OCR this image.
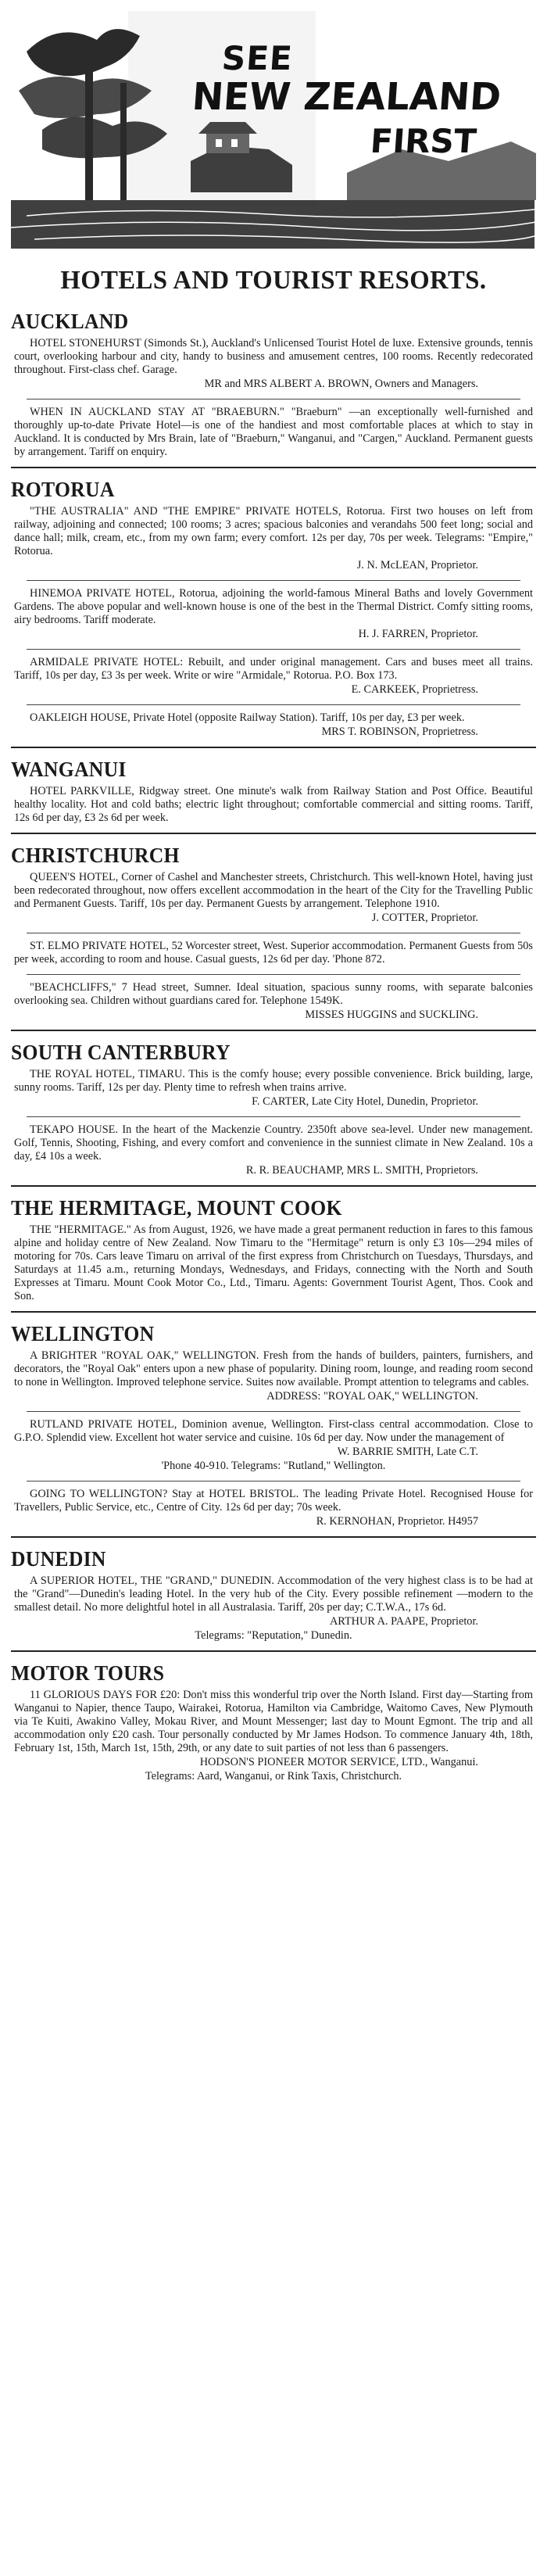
SEE
NEW ZEALAND
FIRST
HOTELS AND TOURIST RESORTS.
AUCKLAND

HOTEL STONEHURST (Simonds St.), Auckland's Unlicensed Tourist Hotel de luxe. Extensive grounds, tennis court, overlooking harbour and city, handy to business and amusement centres, 100 rooms. Recently redecorated throughout. First-class chef. Garage.

MR and MRS ALBERT A. BROWN, Owners and Managers.

WHEN IN AUCKLAND STAY AT "BRAEBURN." "Braeburn" —an exceptionally well-furnished and thoroughly up-to-date Private Hotel—is one of the handiest and most comfortable places at which to stay in Auckland. It is conducted by Mrs Brain, late of "Braeburn," Wanganui, and "Cargen," Auckland. Permanent guests by arrangement. Tariff on enquiry.

ROTORUA

"THE AUSTRALIA" AND "THE EMPIRE" PRIVATE HOTELS, Rotorua. First two houses on left from railway, adjoining and connected; 100 rooms; 3 acres; spacious balconies and verandahs 500 feet long; social and dance hall; milk, cream, etc., from my own farm; every comfort. 12s per day, 70s per week. Telegrams: "Empire," Rotorua.

J. N. McLEAN, Proprietor.

HINEMOA PRIVATE HOTEL, Rotorua, adjoining the world-famous Mineral Baths and lovely Government Gardens. The above popular and well-known house is one of the best in the Thermal District. Comfy sitting rooms, airy bedrooms. Tariff moderate.

H. J. FARREN, Proprietor.

ARMIDALE PRIVATE HOTEL: Rebuilt, and under original management. Cars and buses meet all trains. Tariff, 10s per day, £3 3s per week. Write or wire "Armidale," Rotorua. P.O. Box 173.

E. CARKEEK, Proprietress.

OAKLEIGH HOUSE, Private Hotel (opposite Railway Station). Tariff, 10s per day, £3 per week.

MRS T. ROBINSON, Proprietress.

WANGANUI

HOTEL PARKVILLE, Ridgway street. One minute's walk from Railway Station and Post Office. Beautiful healthy locality. Hot and cold baths; electric light throughout; comfortable commercial and sitting rooms. Tariff, 12s 6d per day, £3 2s 6d per week.

CHRISTCHURCH

QUEEN'S HOTEL, Corner of Cashel and Manchester streets, Christchurch. This well-known Hotel, having just been redecorated throughout, now offers excellent accommodation in the heart of the City for the Travelling Public and Permanent Guests. Tariff, 10s per day. Permanent Guests by arrangement. Telephone 1910.

J. COTTER, Proprietor.

ST. ELMO PRIVATE HOTEL, 52 Worcester street, West. Superior accommodation. Permanent Guests from 50s per week, according to room and house. Casual guests, 12s 6d per day. 'Phone 872.

"BEACHCLIFFS," 7 Head street, Sumner. Ideal situation, spacious sunny rooms, with separate balconies overlooking sea. Children without guardians cared for. Telephone 1549K.

MISSES HUGGINS and SUCKLING.

SOUTH CANTERBURY

THE ROYAL HOTEL, TIMARU. This is the comfy house; every possible convenience. Brick building, large, sunny rooms. Tariff, 12s per day. Plenty time to refresh when trains arrive.

F. CARTER, Late City Hotel, Dunedin, Proprietor.

TEKAPO HOUSE. In the heart of the Mackenzie Country. 2350ft above sea-level. Under new management. Golf, Tennis, Shooting, Fishing, and every comfort and convenience in the sunniest climate in New Zealand. 10s a day, £4 10s a week.

R. R. BEAUCHAMP, MRS L. SMITH, Proprietors.

THE HERMITAGE, MOUNT COOK

THE "HERMITAGE." As from August, 1926, we have made a great permanent reduction in fares to this famous alpine and holiday centre of New Zealand. Now Timaru to the "Hermitage" return is only £3 10s—294 miles of motoring for 70s. Cars leave Timaru on arrival of the first express from Christchurch on Tuesdays, Thursdays, and Saturdays at 11.45 a.m., returning Mondays, Wednesdays, and Fridays, connecting with the North and South Expresses at Timaru. Mount Cook Motor Co., Ltd., Timaru. Agents: Government Tourist Agent, Thos. Cook and Son.

WELLINGTON

A BRIGHTER "ROYAL OAK," WELLINGTON. Fresh from the hands of builders, painters, furnishers, and decorators, the "Royal Oak" enters upon a new phase of popularity. Dining room, lounge, and reading room second to none in Wellington. Improved telephone service. Suites now available. Prompt attention to telegrams and cables.

ADDRESS: "ROYAL OAK," WELLINGTON.

RUTLAND PRIVATE HOTEL, Dominion avenue, Wellington. First-class central accommodation. Close to G.P.O. Splendid view. Excellent hot water service and cuisine. 10s 6d per day. Now under the management of

W. BARRIE SMITH, Late C.T.

'Phone 40-910. Telegrams: "Rutland," Wellington.

GOING TO WELLINGTON? Stay at HOTEL BRISTOL. The leading Private Hotel. Recognised House for Travellers, Public Service, etc., Centre of City. 12s 6d per day; 70s week.

R. KERNOHAN, Proprietor. H4957

DUNEDIN

A SUPERIOR HOTEL, THE "GRAND," DUNEDIN. Accommodation of the very highest class is to be had at the "Grand"—Dunedin's leading Hotel. In the very hub of the City. Every possible refinement —modern to the smallest detail. No more delightful hotel in all Australasia. Tariff, 20s per day; C.T.W.A., 17s 6d.

ARTHUR A. PAAPE, Proprietor.

Telegrams: "Reputation," Dunedin.

MOTOR TOURS

11 GLORIOUS DAYS FOR £20: Don't miss this wonderful trip over the North Island. First day—Starting from Wanganui to Napier, thence Taupo, Wairakei, Rotorua, Hamilton via Cambridge, Waitomo Caves, New Plymouth via Te Kuiti, Awakino Valley, Mokau River, and Mount Messenger; last day to Mount Egmont. The trip and all accommodation only £20 cash. Tour personally conducted by Mr James Hodson. To commence January 4th, 18th, February 1st, 15th, March 1st, 15th, 29th, or any date to suit parties of not less than 6 passengers.

HODSON'S PIONEER MOTOR SERVICE, LTD., Wanganui.

Telegrams: Aard, Wanganui, or Rink Taxis, Christchurch.
